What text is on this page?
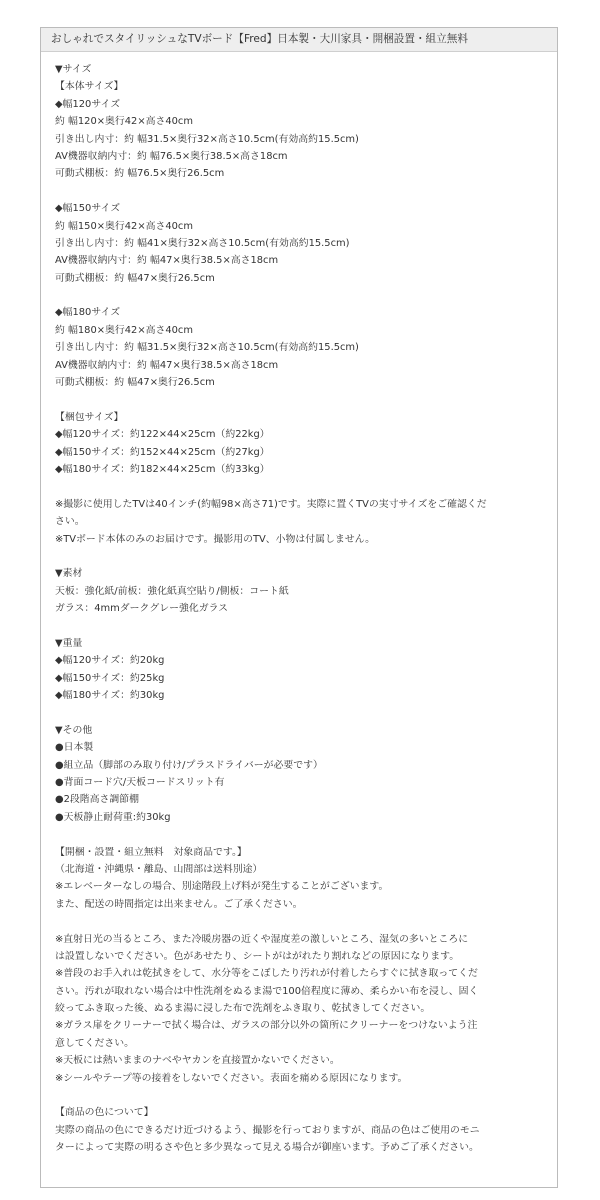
おしゃれでスタイリッシュなTVボード【Fred】日本製・大川家具・開梱設置・組立無料
▼サイズ
【本体サイズ】
◆幅120サイズ
約 幅120×奥行42×高さ40cm
引き出し内寸：約 幅31.5×奥行32×高さ10.5cm(有効高約15.5cm)
AV機器収納内寸：約 幅76.5×奥行38.5×高さ18cm
可動式棚板：約 幅76.5×奥行26.5cm
◆幅150サイズ
約 幅150×奥行42×高さ40cm
引き出し内寸：約 幅41×奥行32×高さ10.5cm(有効高約15.5cm)
AV機器収納内寸：約 幅47×奥行38.5×高さ18cm
可動式棚板：約 幅47×奥行26.5cm
◆幅180サイズ
約 幅180×奥行42×高さ40cm
引き出し内寸：約 幅31.5×奥行32×高さ10.5cm(有効高約15.5cm)
AV機器収納内寸：約 幅47×奥行38.5×高さ18cm
可動式棚板：約 幅47×奥行26.5cm
【梱包サイズ】
◆幅120サイズ：約122×44×25cm（約22kg）
◆幅150サイズ：約152×44×25cm（約27kg）
◆幅180サイズ：約182×44×25cm（約33kg）
※撮影に使用したTVは40インチ(約幅98×高さ71)です。実際に置くTVの実寸サイズをご確認くだ
さい。
※TVボード本体のみのお届けです。撮影用のTV、小物は付属しません。
▼素材
天板：強化紙/前板：強化紙真空貼り/側板：コート紙
ガラス：4mmダークグレー強化ガラス
▼重量
◆幅120サイズ：約20kg
◆幅150サイズ：約25kg
◆幅180サイズ：約30kg
▼その他
●日本製
●組立品（脚部のみ取り付け/プラスドライバーが必要です）
●背面コード穴/天板コードスリット有
●2段階高さ調節棚
●天板静止耐荷重:約30kg
【開梱・設置・組立無料　対象商品です。】
（北海道・沖縄県・離島、山間部は送料別途）
※エレベーターなしの場合、別途階段上げ料が発生することがございます。
また、配送の時間指定は出来ません。ご了承ください。
※直射日光の当るところ、また冷暖房器の近くや湿度差の激しいところ、湿気の多いところに
は設置しないでください。色があせたり、シートがはがれたり割れなどの原因になります。
※普段のお手入れは乾拭きをして、水分等をこぼしたり汚れが付着したらすぐに拭き取ってくだ
さい。汚れが取れない場合は中性洗剤をぬるま湯で100倍程度に薄め、柔らかい布を浸し、固く
絞ってふき取った後、ぬるま湯に浸した布で洗剤をふき取り、乾拭きしてください。
※ガラス扉をクリーナーで拭く場合は、ガラスの部分以外の箇所にクリーナーをつけないよう注
意してください。
※天板には熱いままのナベやヤカンを直接置かないでください。
※シールやテープ等の接着をしないでください。表面を痛める原因になります。
【商品の色について】
実際の商品の色にできるだけ近づけるよう、撮影を行っておりますが、商品の色はご使用のモニ
ターによって実際の明るさや色と多少異なって見える場合が御座います。予めご了承ください。
